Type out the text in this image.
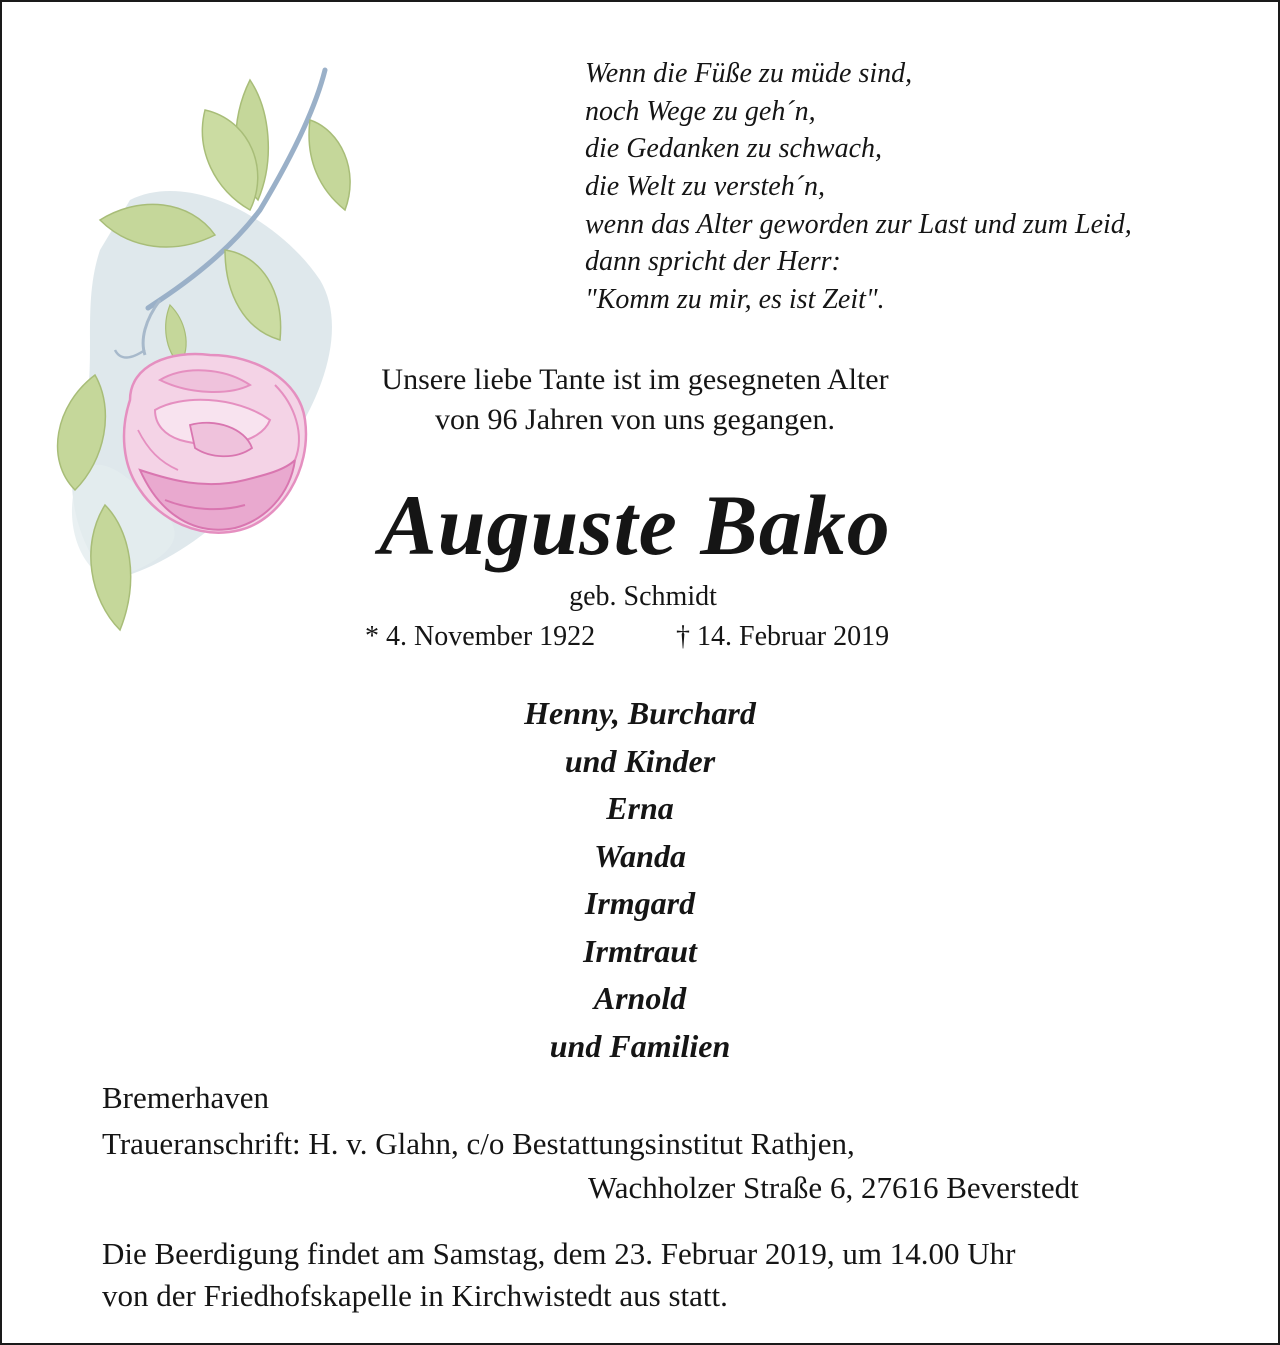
Wenn die Füße zu müde sind,
noch Wege zu geh´n,
die Gedanken zu schwach,
die Welt zu versteh´n,
wenn das Alter geworden zur Last und zum Leid,
dann spricht der Herr:
"Komm zu mir, es ist Zeit".
Unsere liebe Tante ist im gesegneten Alter
von 96 Jahren von uns gegangen.
Auguste Bako
geb. Schmidt
* 4. November 1922	† 14. Februar 2019
Henny, Burchard
und Kinder
Erna
Wanda
Irmgard
Irmtraut
Arnold
und Familien
Bremerhaven
Traueranschrift: H. v. Glahn, c/o Bestattungsinstitut Rathjen,
Wachholzer Straße 6, 27616 Beverstedt
Die Beerdigung findet am Samstag, dem 23. Februar 2019, um 14.00 Uhr
von der Friedhofskapelle in Kirchwistedt aus statt.
